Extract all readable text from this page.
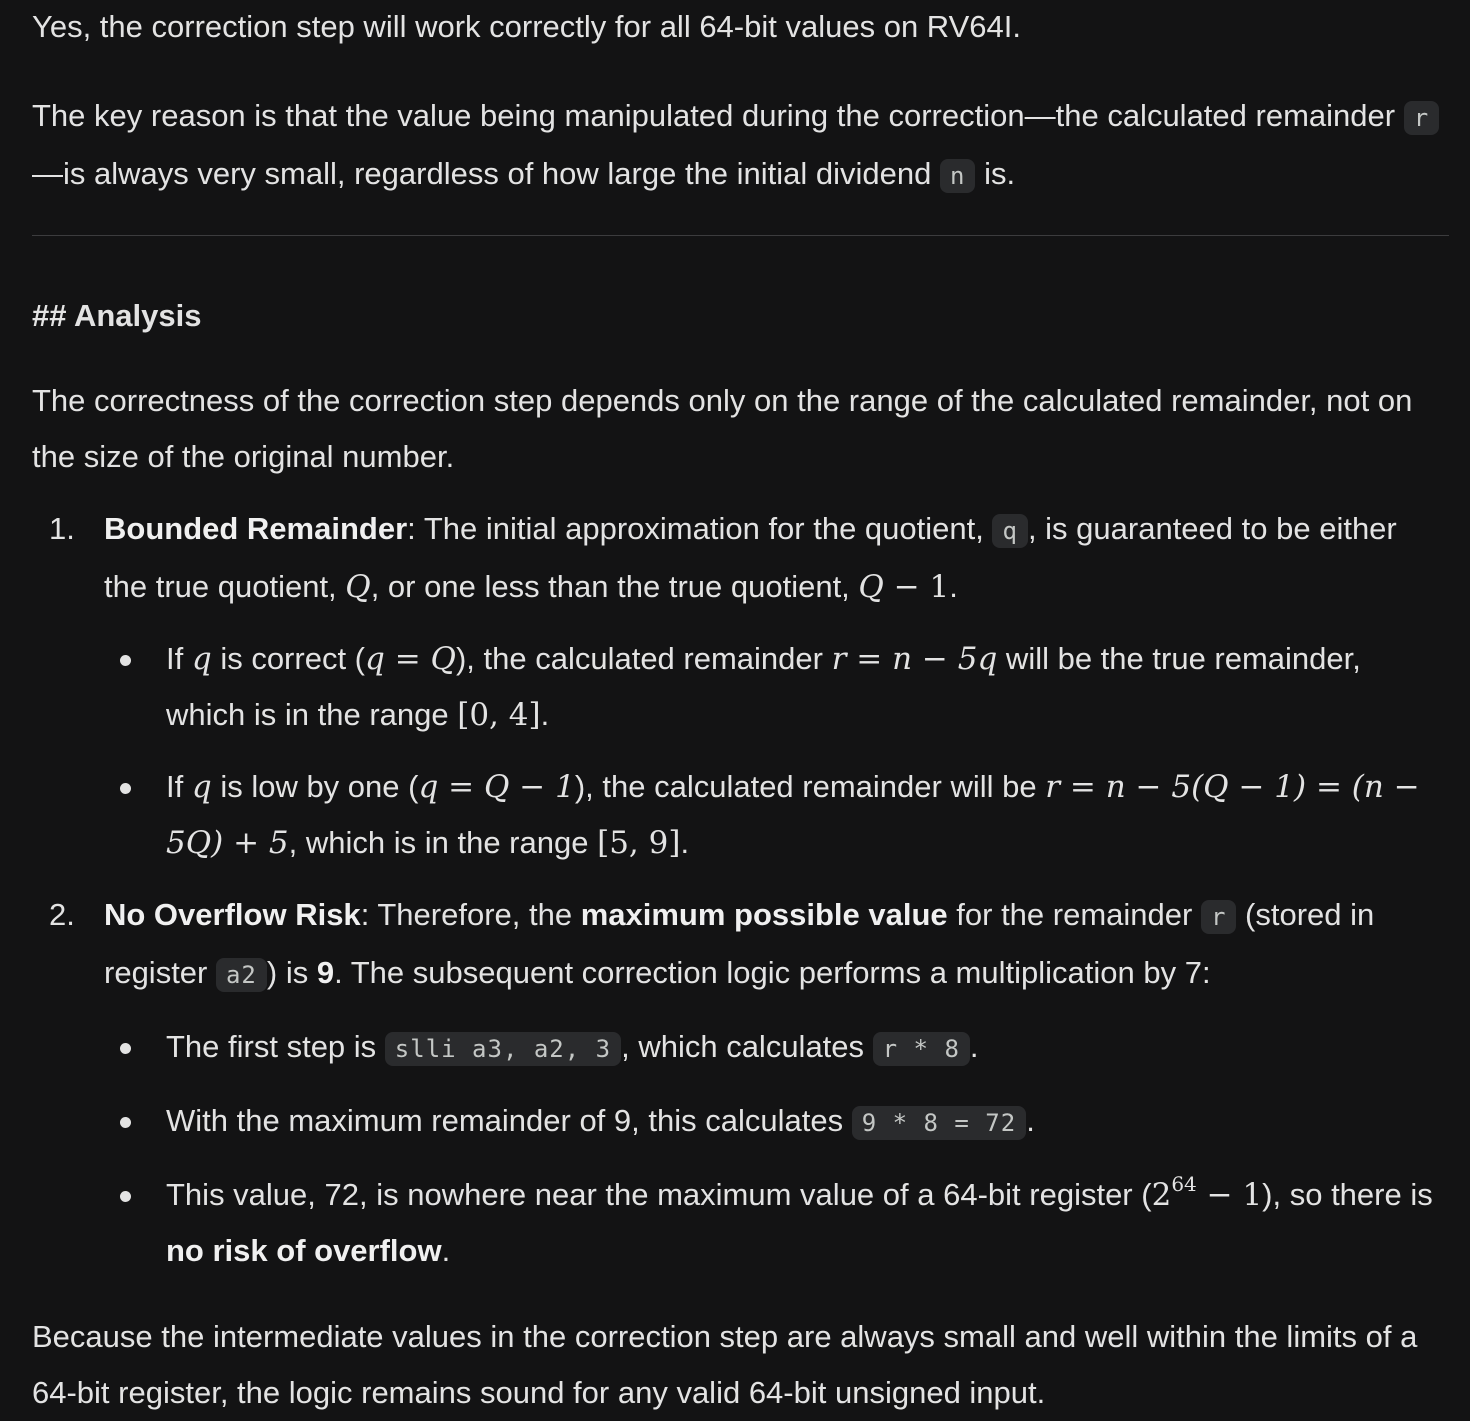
Yes, the correction step will work correctly for all 64-bit values on RV64I.

The key reason is that the value being manipulated during the correction—the calculated remainder r—is always very small, regardless of how large the initial dividend n is.

## Analysis

The correctness of the correction step depends only on the range of the calculated remainder, not on the size of the original number.

1. Bounded Remainder: The initial approximation for the quotient, q , is guaranteed to be either the true quotient, Q, or one less than the true quotient, Q − 1.
If q is correct (q = Q), the calculated remainder r = n − 5q will be the true remainder, which is in the range [0, 4].
If q is low by one (q = Q − 1), the calculated remainder will be r = n − 5(Q − 1) = (n − 5Q) + 5, which is in the range [5, 9].
2. No Overflow Risk: Therefore, the maximum possible value for the remainder r (stored in register a2 ) is 9. The subsequent correction logic performs a multiplication by 7:
The first step is slli a3, a2, 3 , which calculates r * 8 .
With the maximum remainder of 9, this calculates 9 * 8 = 72 .
This value, 72, is nowhere near the maximum value of a 64-bit register $(2^{64} - 1)$, so there is no risk of overflow.

Because the intermediate values in the correction step are always small and well within the limits of a 64-bit register, the logic remains sound for any valid 64-bit unsigned input.
